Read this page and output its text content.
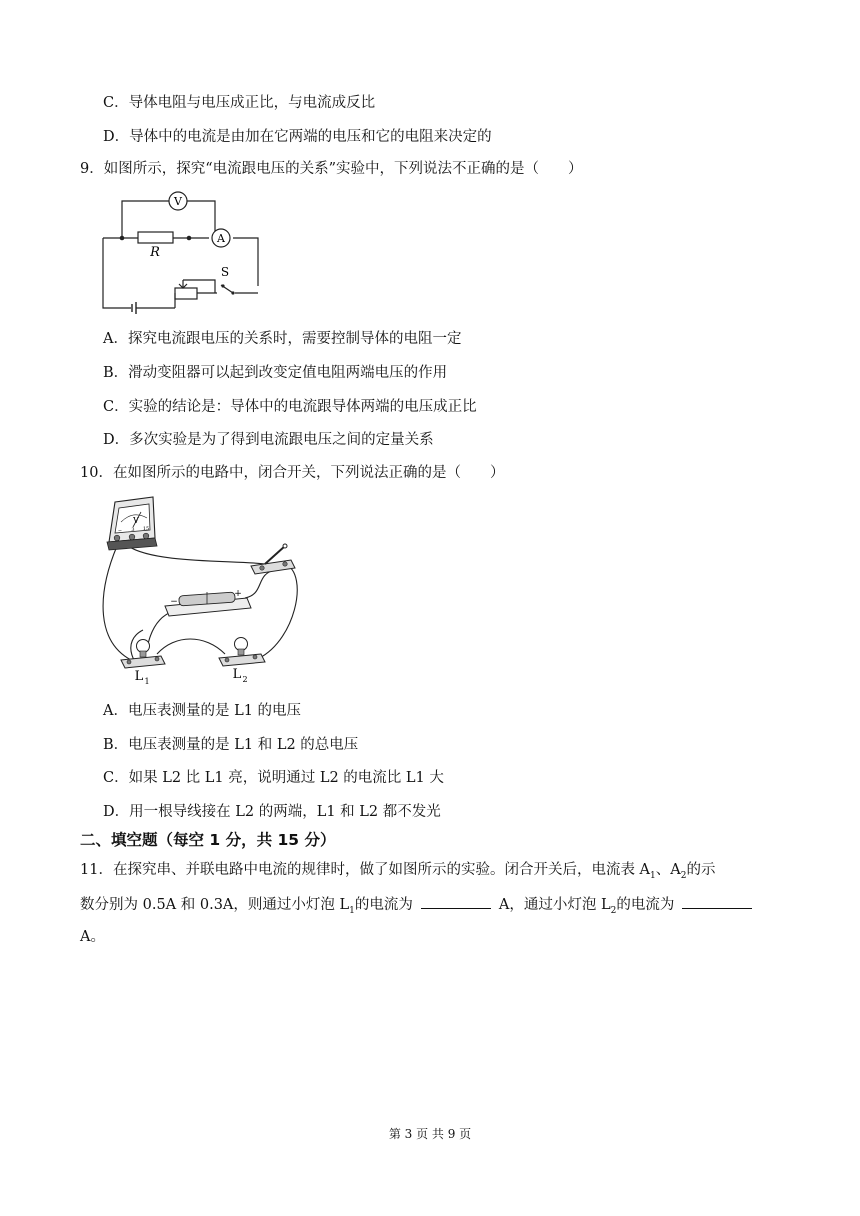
C．导体电阻与电压成正比，与电流成反比
D．导体中的电流是由加在它两端的电压和它的电阻来决定的
9．如图所示，探究“电流跟电压的关系”实验中，下列说法不正确的是（　　）
V
A
R
S
A．探究电流跟电压的关系时，需要控制导体的电阻一定
B．滑动变阻器可以起到改变定值电阻两端电压的作用
C．实验的结论是：导体中的电流跟导体两端的电压成正比
D．多次实验是为了得到电流跟电压之间的定量关系
10．在如图所示的电路中，闭合开关，下列说法正确的是（　　）
V
− 3 15
−
+
L 1	L 2
A．电压表测量的是 L1 的电压
B．电压表测量的是 L1 和 L2 的总电压
C．如果 L2 比 L1 亮，说明通过 L2 的电流比 L1 大
D．用一根导线接在 L2 的两端，L1 和 L2 都不发光
二、填空题（每空 1 分，共 15 分）
11．在探究串、并联电路中电流的规律时，做了如图所示的实验。闭合开关后，电流表 $A_1$、$A_2$的示
数分别为 0.5A 和 0.3A，则通过小灯泡 $L_1$的电流为	A，通过小灯泡 $L_2$的电流为
A。
第 3 页 共 9 页
